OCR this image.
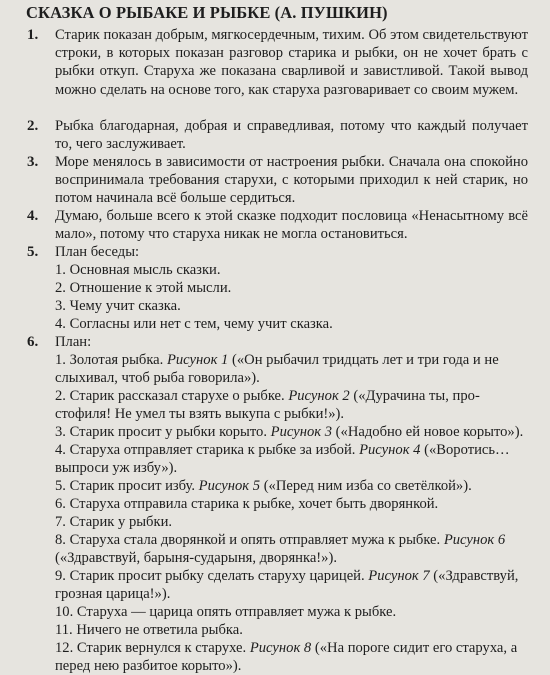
СКАЗКА О РЫБАКЕ И РЫБКЕ (А. ПУШКИН)
1.	Старик показан добрым, мягкосердечным, тихим. Об этом свидетельствуют строки, в которых показан разговор старика и рыбки, он не хочет брать с рыбки откуп. Старуха же показана сварливой и завистливой. Такой вывод можно сделать на основе того, как старуха разговаривает со своим мужем.
2.	Рыбка благодарная, добрая и справедливая, потому что каждый получает то, чего заслуживает.
3.	Море менялось в зависимости от настроения рыбки. Сначала она спокойно воспринимала требования старухи, с которыми приходил к ней старик, но потом начинала всё больше сердиться.
4.	Думаю, больше всего к этой сказке подходит пословица «Ненасытному всё мало», потому что старуха никак не могла остановиться.
5.	План беседы:
1. Основная мысль сказки.
2. Отношение к этой мысли.
3. Чему учит сказка.
4. Согласны или нет с тем, чему учит сказка.
6.	План:
1. Золотая рыбка. Рисунок 1 («Он рыбачил тридцать лет и три года и не слыхивал, чтоб рыба говорила»).
2. Старик рассказал старухе о рыбке. Рисунок 2 («Дурачина ты, простофиля! Не умел ты взять выкупа с рыбки!»).
3. Старик просит у рыбки корыто. Рисунок 3 («Надобно ей новое корыто»).
4. Старуха отправляет старика к рыбке за избой. Рисунок 4 («Воротись… выпроси уж избу»).
5. Старик просит избу. Рисунок 5 («Перед ним изба со светёлкой»).
6. Старуха отправила старика к рыбке, хочет быть дворянкой.
7. Старик у рыбки.
8. Старуха стала дворянкой и опять отправляет мужа к рыбке. Рисунок 6 («Здравствуй, барыня-сударыня, дворянка!»).
9. Старик просит рыбку сделать старуху царицей. Рисунок 7 («Здравствуй, грозная царица!»).
10. Старуха — царица опять отправляет мужа к рыбке.
11. Ничего не ответила рыбка.
12. Старик вернулся к старухе. Рисунок 8 («На пороге сидит его старуха, а перед нею разбитое корыто»).
